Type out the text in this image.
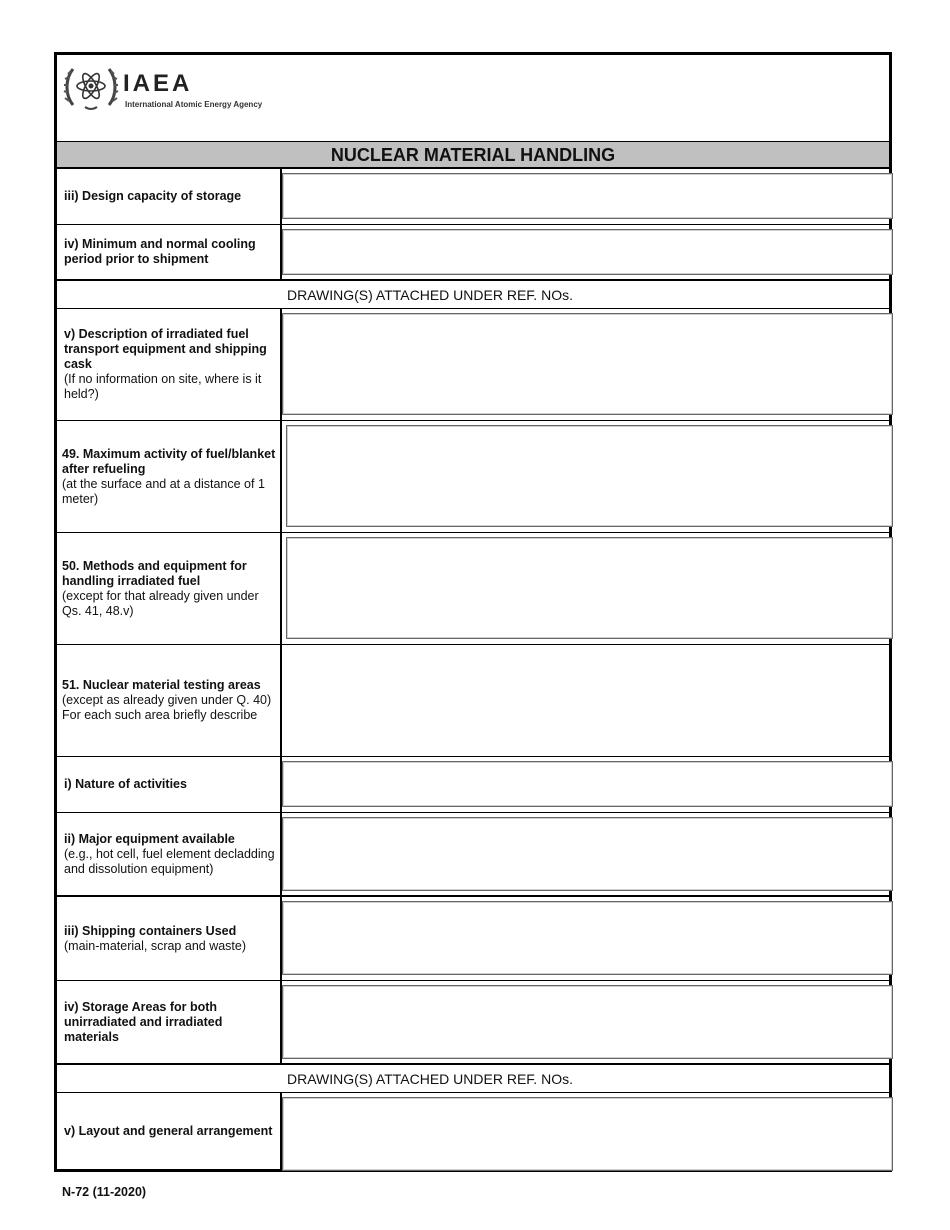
IAEA
International Atomic Energy Agency
NUCLEAR MATERIAL HANDLING
iii) Design capacity of storage
iv) Minimum and normal cooling period prior to shipment
DRAWING(S) ATTACHED UNDER REF. NOs.
v) Description of irradiated fuel transport equipment and shipping cask
(If no information on site, where is it held?)
49. Maximum activity of fuel/blanket after refueling
(at the surface and at a distance of 1 meter)
50. Methods and equipment for handling irradiated fuel
(except for that already given under Qs. 41, 48.v)
51. Nuclear material testing areas
(except as already given under Q. 40) For each such area briefly describe
i) Nature of activities
ii) Major equipment available
(e.g., hot cell, fuel element decladding and dissolution equipment)
iii) Shipping containers Used
(main-material, scrap and waste)
iv) Storage Areas for both unirradiated and irradiated materials
DRAWING(S) ATTACHED UNDER REF. NOs.
v) Layout and general arrangement
N-72 (11-2020)
